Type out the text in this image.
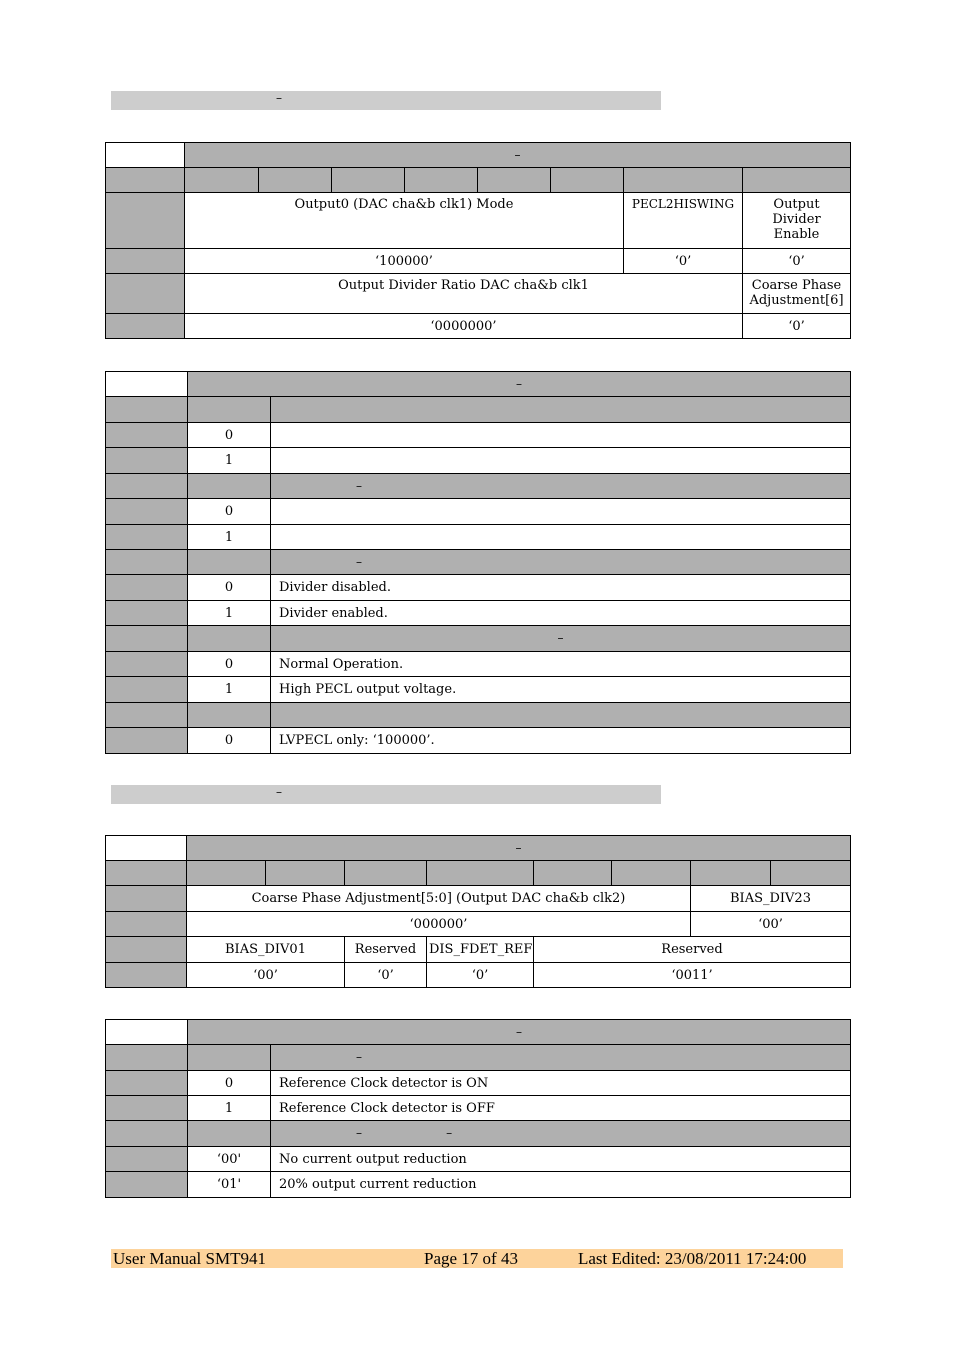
–
	–							

	Output0 (DAC cha&b clk1) Mode						PECL2HISWING	Output Divider Enable
	‘100000’						‘0’	‘0’
	Output Divider Ratio DAC cha&b clk1							Coarse Phase Adjustment[6]
	‘0000000’							‘0’
	–	

	0	
	1	
		–
	0	
	1	
		–
	0	Divider disabled.
	1	Divider enabled.
		–
	0	Normal Operation.
	1	High PECL output voltage.

	0	LVPECL only: ‘100000’.
–
	–							

	Coarse Phase Adjustment[5:0] (Output DAC cha&b clk2)						BIAS_DIV23	
	‘000000’						‘00’	
	BIAS_DIV01		Reserved	DIS_FDET_REF	Reserved			
	‘00’		‘0’	‘0’	‘0011’			
	–	
		–
	0	Reference Clock detector is ON
	1	Reference Clock detector is OFF
		– –
	‘00'	No current output reduction
	‘01'	20% output current reduction
User Manual SMT941	Page 17 of 43	Last Edited: 23/08/2011 17:24:00
